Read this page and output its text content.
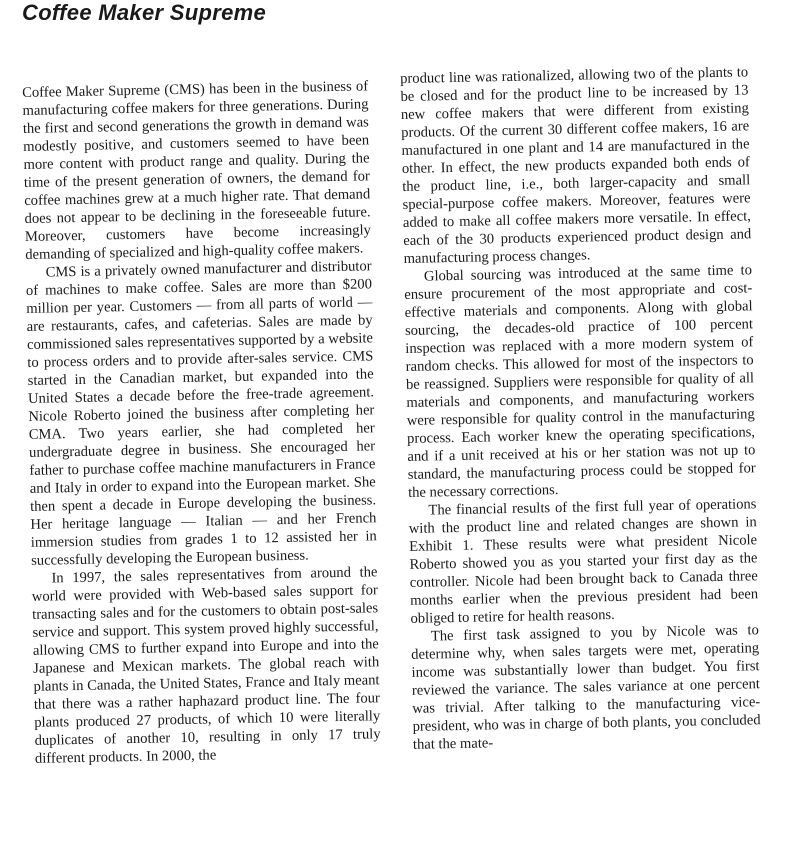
Coffee Maker Supreme

Coffee Maker Supreme (CMS) has been in the business of manufacturing coffee makers for three generations. During the first and second generations the growth in demand was modestly positive, and customers seemed to have been more content with product range and quality. During the time of the present generation of owners, the demand for coffee machines grew at a much higher rate. That demand does not appear to be declining in the foreseeable future. Moreover, customers have become increasingly demanding of specialized and high-quality coffee makers.

CMS is a privately owned manufacturer and distributor of machines to make coffee. Sales are more than $200 million per year. Customers — from all parts of world — are restaurants, cafes, and cafeterias. Sales are made by commissioned sales representatives supported by a website to process orders and to provide after-sales service. CMS started in the Canadian market, but expanded into the United States a decade before the free-trade agreement. Nicole Roberto joined the business after completing her CMA. Two years earlier, she had completed her undergraduate degree in business. She encouraged her father to purchase coffee machine manufacturers in France and Italy in order to expand into the European market. She then spent a decade in Europe developing the business. Her heritage language — Italian — and her French immersion studies from grades 1 to 12 assisted her in successfully developing the European business.

In 1997, the sales representatives from around the world were provided with Web-based sales support for transacting sales and for the customers to obtain post-sales service and support. This system proved highly successful, allowing CMS to further expand into Europe and into the Japanese and Mexican markets. The global reach with plants in Canada, the United States, France and Italy meant that there was a rather haphazard product line. The four plants produced 27 products, of which 10 were literally duplicates of another 10, resulting in only 17 truly different products. In 2000, the

product line was rationalized, allowing two of the plants to be closed and for the product line to be increased by 13 new coffee makers that were different from existing products. Of the current 30 different coffee makers, 16 are manufactured in one plant and 14 are manufactured in the other. In effect, the new products expanded both ends of the product line, i.e., both larger-capacity and small special-purpose coffee makers. Moreover, features were added to make all coffee makers more versatile. In effect, each of the 30 products experienced product design and manufacturing process changes.

Global sourcing was introduced at the same time to ensure procurement of the most appropriate and cost-effective materials and components. Along with global sourcing, the decades-old practice of 100 percent inspection was replaced with a more modern system of random checks. This allowed for most of the inspectors to be reassigned. Suppliers were responsible for quality of all materials and components, and manufacturing workers were responsible for quality control in the manufacturing process. Each worker knew the operating specifications, and if a unit received at his or her station was not up to standard, the manufacturing process could be stopped for the necessary corrections.

The financial results of the first full year of operations with the product line and related changes are shown in Exhibit 1. These results were what president Nicole Roberto showed you as you started your first day as the controller. Nicole had been brought back to Canada three months earlier when the previous president had been obliged to retire for health reasons.

The first task assigned to you by Nicole was to determine why, when sales targets were met, operating income was substantially lower than budget. You first reviewed the variance. The sales variance at one percent was trivial. After talking to the manufacturing vice-president, who was in charge of both plants, you concluded that the mate-
